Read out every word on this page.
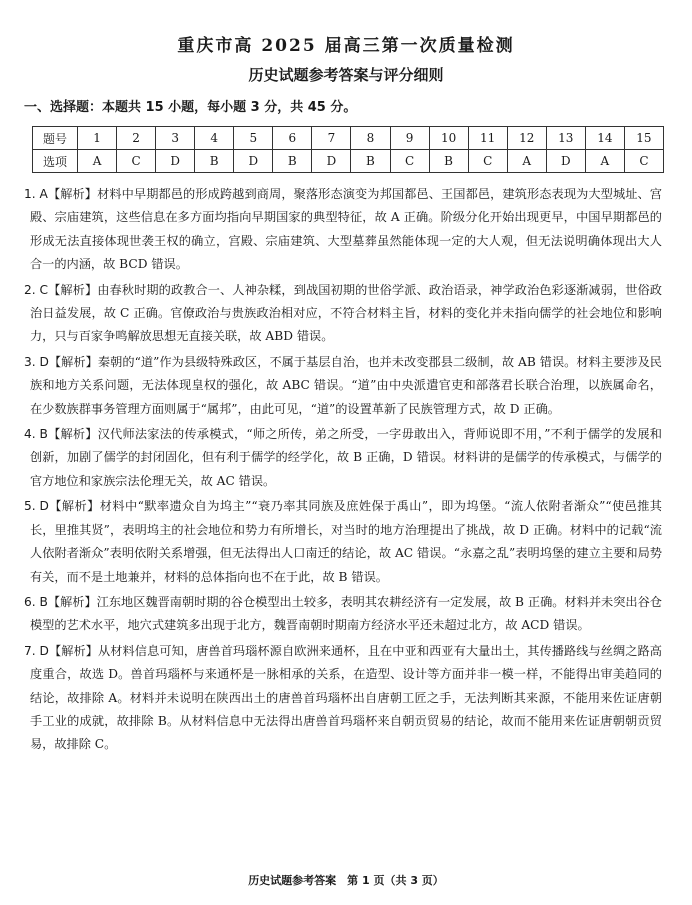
重庆市高 2025 届高三第一次质量检测
历史试题参考答案与评分细则
一、选择题：本题共 15 小题，每小题 3 分，共 45 分。
题号	1	2	3	4	5	6	7	8	9	10	11	12	13	14	15
选项	A	C	D	B	D	B	D	B	C	B	C	A	D	A	C

1. A【解析】材料中早期都邑的形成跨越到商周，聚落形态演变为邦国都邑、王国都邑，建筑形态表现为大型城址、宫殿、宗庙建筑，这些信息在多方面均指向早期国家的典型特征，故 A 正确。阶级分化开始出现更早，中国早期都邑的形成无法直接体现世袭王权的确立，宫殿、宗庙建筑、大型墓葬虽然能体现一定的大人观，但无法说明确体现出大人合一的内涵，故 BCD 错误。

2. C【解析】由春秋时期的政教合一、人神杂糅，到战国初期的世俗学派、政治语录，神学政治色彩逐渐减弱，世俗政治日益发展，故 C 正确。官僚政治与贵族政治相对应，不符合材料主旨，材料的变化并未指向儒学的社会地位和影响力，只与百家争鸣解放思想无直接关联，故 ABD 错误。

3. D【解析】秦朝的“道”作为县级特殊政区，不属于基层自治，也并未改变郡县二级制，故 AB 错误。材料主要涉及民族和地方关系问题，无法体现皇权的强化，故 ABC 错误。“道”由中央派遣官吏和部落君长联合治理，以族属命名，在少数族群事务管理方面则属于“属邦”，由此可见，“道”的设置革新了民族管理方式，故 D 正确。

4. B【解析】汉代师法家法的传承模式，“师之所传，弟之所受，一字毋敢出入，背师说即不用，”不利于儒学的发展和创新，加剧了儒学的封闭固化，但有利于儒学的经学化，故 B 正确，D 错误。材料讲的是儒学的传承模式，与儒学的官方地位和家族宗法伦理无关，故 AC 错误。

5. D【解析】材料中“默率遗众自为坞主”“衰乃率其同族及庶姓保于禹山”，即为坞堡。“流人依附者渐众”“使邑推其长，里推其贤”，表明坞主的社会地位和势力有所增长，对当时的地方治理提出了挑战，故 D 正确。材料中的记载“流人依附者渐众”表明依附关系增强，但无法得出人口南迁的结论，故 AC 错误。“永嘉之乱”表明坞堡的建立主要和局势有关，而不是土地兼并，材料的总体指向也不在于此，故 B 错误。

6. B【解析】江东地区魏晋南朝时期的谷仓模型出土较多，表明其农耕经济有一定发展，故 B 正确。材料并未突出谷仓模型的艺术水平，地穴式建筑多出现于北方，魏晋南朝时期南方经济水平还未超过北方，故 ACD 错误。

7. D【解析】从材料信息可知，唐兽首玛瑙杯源自欧洲来通杯，且在中亚和西亚有大量出土，其传播路线与丝绸之路高度重合，故选 D。兽首玛瑙杯与来通杯是一脉相承的关系，在造型、设计等方面并非一模一样，不能得出审美趋同的结论，故排除 A。材料并未说明在陕西出土的唐兽首玛瑙杯出自唐朝工匠之手，无法判断其来源，不能用来佐证唐朝手工业的成就，故排除 B。从材料信息中无法得出唐兽首玛瑙杯来自朝贡贸易的结论，故而不能用来佐证唐朝朝贡贸易，故排除 C。

历史试题参考答案　第 1 页（共 3 页）
